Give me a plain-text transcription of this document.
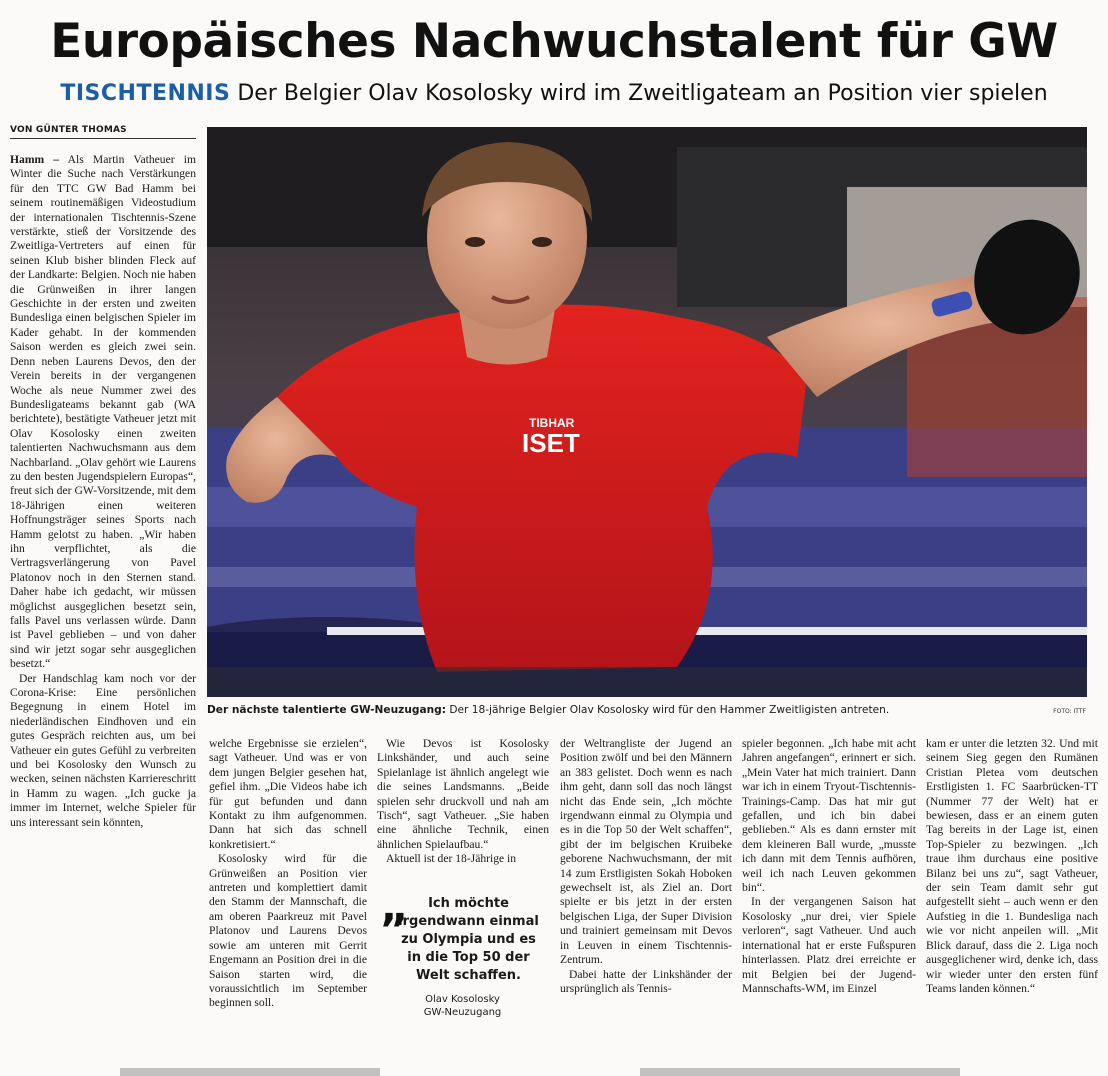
Europäisches Nachwuchstalent für GW
TISCHTENNIS Der Belgier Olav Kosolosky wird im Zweitligateam an Position vier spielen
VON GÜNTER THOMAS

Hamm – Als Martin Vatheuer im Winter die Suche nach Verstärkungen für den TTC GW Bad Hamm bei seinem routinemäßigen Videostudium der internationalen Tischtennis-Szene verstärkte, stieß der Vorsitzende des Zweitliga-Vertreters auf einen für seinen Klub bisher blinden Fleck auf der Landkarte: Belgien. Noch nie haben die Grünweißen in ihrer langen Geschichte in der ersten und zweiten Bundesliga einen belgischen Spieler im Kader gehabt. In der kommenden Saison werden es gleich zwei sein. Denn neben Laurens Devos, den der Verein bereits in der vergangenen Woche als neue Nummer zwei des Bundesligateams bekannt gab (WA berichtete), bestätigte Vatheuer jetzt mit Olav Kosolosky einen zweiten talentierten Nachwuchsmann aus dem Nachbarland. „Olav gehört wie Laurens zu den besten Jugendspielern Europas“, freut sich der GW-Vorsitzende, mit dem 18-Jährigen einen weiteren Hoffnungsträger seines Sports nach Hamm gelotst zu haben. „Wir haben ihn verpflichtet, als die Vertragsverlängerung von Pavel Platonov noch in den Sternen stand. Daher habe ich gedacht, wir müssen möglichst ausgeglichen besetzt sein, falls Pavel uns verlassen würde. Dann ist Pavel geblieben – und von daher sind wir jetzt sogar sehr ausgeglichen besetzt.“

Der Handschlag kam noch vor der Corona-Krise: Eine persönlichen Begegnung in einem Hotel im niederländischen Eindhoven und ein gutes Gespräch reichten aus, um bei Vatheuer ein gutes Gefühl zu verbreiten und bei Kosolosky den Wunsch zu wecken, seinen nächsten Karriereschritt in Hamm zu wagen. „Ich gucke ja immer im Internet, welche Spieler für uns interessant sein könnten,

TIBHAR
ISET
Der nächste talentierte GW-Neuzugang: Der 18-jährige Belgier Olav Kosolosky wird für den Hammer Zweitligisten antreten.	FOTO: ITTF

welche Ergebnisse sie erzielen“, sagt Vatheuer. Und was er von dem jungen Belgier gesehen hat, gefiel ihm. „Die Videos habe ich für gut befunden und dann Kontakt zu ihm aufgenommen. Dann hat sich das schnell konkretisiert.“

Kosolosky wird für die Grünweißen an Position vier antreten und komplettiert damit den Stamm der Mannschaft, die am oberen Paarkreuz mit Pavel Platonov und Laurens Devos sowie am unteren mit Gerrit Engemann an Position drei in die Saison starten wird, die voraussichtlich im September beginnen soll.

Wie Devos ist Kosolosky Linkshänder, und auch seine Spielanlage ist ähnlich angelegt wie die seines Landsmanns. „Beide spielen sehr druckvoll und nah am Tisch“, sagt Vatheuer. „Sie haben eine ähnliche Technik, einen ähnlichen Spielaufbau.“

Aktuell ist der 18-Jährige in

„	Ich möchte irgendwann einmal zu Olympia und es in die Top 50 der Welt schaffen.
Olav Kosolosky
GW-Neuzugang

der Weltrangliste der Jugend an Position zwölf und bei den Männern an 383 gelistet. Doch wenn es nach ihm geht, dann soll das noch längst nicht das Ende sein, „Ich möchte irgendwann einmal zu Olympia und es in die Top 50 der Welt schaffen“, gibt der im belgischen Kruibeke geborene Nachwuchsmann, der mit 14 zum Erstligisten Sokah Hoboken gewechselt ist, als Ziel an. Dort spielte er bis jetzt in der ersten belgischen Liga, der Super Division und trainiert gemeinsam mit Devos in Leuven in einem Tischtennis-Zentrum.

Dabei hatte der Linkshänder der ursprünglich als Tennis-

spieler begonnen. „Ich habe mit acht Jahren angefangen“, erinnert er sich. „Mein Vater hat mich trainiert. Dann war ich in einem Tryout-Tischtennis-Trainings-Camp. Das hat mir gut gefallen, und ich bin dabei geblieben.“ Als es dann ernster mit dem kleineren Ball wurde, „musste ich dann mit dem Tennis aufhören, weil ich nach Leuven gekommen bin“.

In der vergangenen Saison hat Kosolosky „nur drei, vier Spiele verloren“, sagt Vatheuer. Und auch international hat er erste Fußspuren hinterlassen. Platz drei erreichte er mit Belgien bei der Jugend-Mannschafts-WM, im Einzel

kam er unter die letzten 32. Und mit seinem Sieg gegen den Rumänen Cristian Pletea vom deutschen Erstligisten 1. FC Saarbrücken-TT (Nummer 77 der Welt) hat er bewiesen, dass er an einem guten Tag bereits in der Lage ist, einen Top-Spieler zu bezwingen. „Ich traue ihm durchaus eine positive Bilanz bei uns zu“, sagt Vatheuer, der sein Team damit sehr gut aufgestellt sieht – auch wenn er den Aufstieg in die 1. Bundesliga nach wie vor nicht anpeilen will. „Mit Blick darauf, dass die 2. Liga noch ausgeglichener wird, denke ich, dass wir wieder unter den ersten fünf Teams landen können.“
